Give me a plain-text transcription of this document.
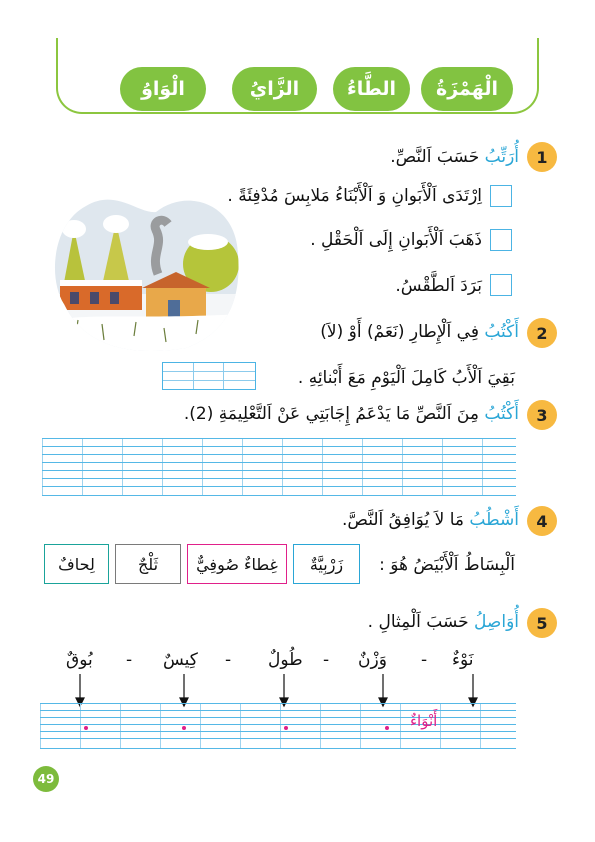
الْهَمْزَةُ
الطَّاءُ
الزَّايُ
الْوَاوُ
1
أُرَتِّبُ حَسَبَ اَلنَّصِّ.
اِرْتَدَى اَلْأَبَوانِ وَ اَلْأَبْنَاءُ مَلابِسَ مُدْفِئَةً .
ذَهَبَ اَلْأَبَوانِ إِلَى اَلْحَقْلِ .
بَرَدَ اَلطَّقْسُ.
2
أَكْتُبُ فِي اَلْإِطارِ (نَعَمْ) أَوْ (لاَ)
بَقِيَ اَلْأَبُ كَامِلَ اَلْيَوْمِ مَعَ أَبْنائِهِ .
3
أَكْتُبُ مِنَ اَلنَّصِّ مَا يَدْعَمُ إِجَابَتِي عَنْ اَلتَّعْلِيمَةِ (2).
4
أَشْطُبُ مَا لاَ يُوَافِقُ اَلنَّصَّ.
اَلْبِسَاطُ اَلْأَبْيَضُ هُوَ :
زَرْبِيَّةٌ
غِطاءٌ صُوفِيٌّ
ثَلْجٌ
لِحافٌ
5
أُوَاصِلُ حَسَبَ اَلْمِثالِ .
نَوْءٌ
-
وَزْنٌ
-
طُولٌ
-
كِيسٌ
-
بُوقٌ
أَنْوَاءٌ
49
